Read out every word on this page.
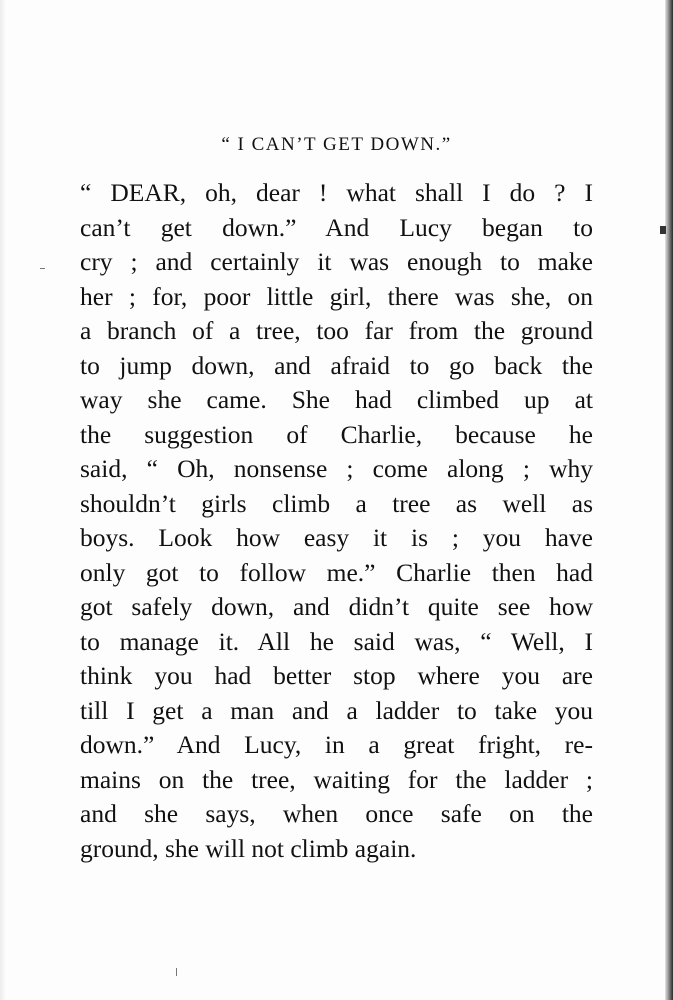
“ I CAN’T GET DOWN.”
“ DEAR, oh, dear ! what shall I do ? I
can’t get down.” And Lucy began to
cry ; and certainly it was enough to make
her ; for, poor little girl, there was she, on
a branch of a tree, too far from the ground
to jump down, and afraid to go back the
way she came. She had climbed up at
the suggestion of Charlie, because he
said, “ Oh, nonsense ; come along ; why
shouldn’t girls climb a tree as well as
boys. Look how easy it is ; you have
only got to follow me.” Charlie then had
got safely down, and didn’t quite see how
to manage it. All he said was, “ Well, I
think you had better stop where you are
till I get a man and a ladder to take you
down.” And Lucy, in a great fright, re-
mains on the tree, waiting for the ladder ;
and she says, when once safe on the
ground, she will not climb again.
